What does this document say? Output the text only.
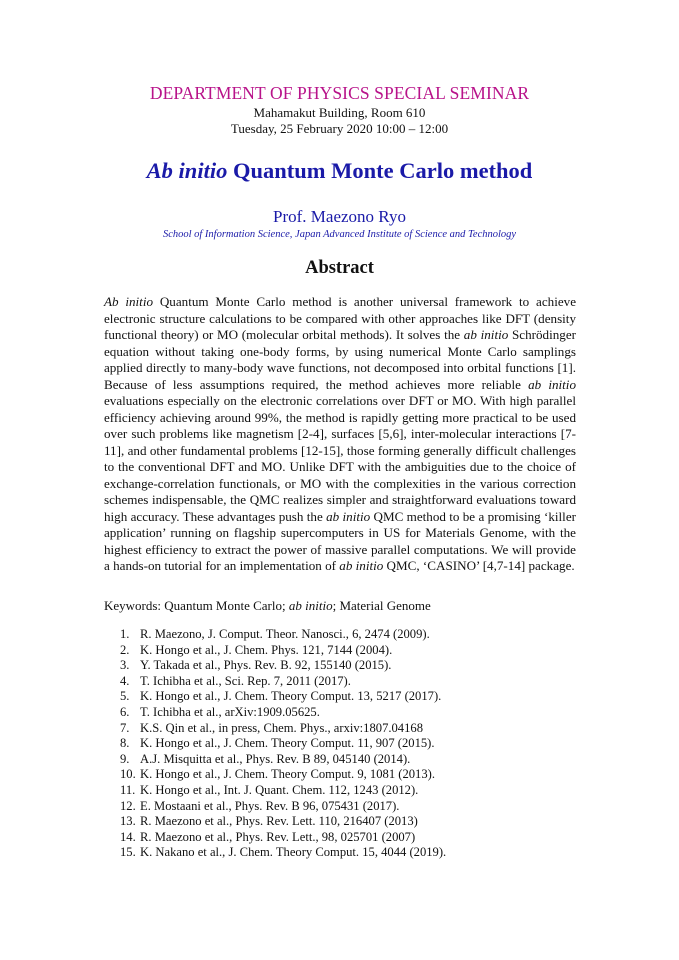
DEPARTMENT OF PHYSICS SPECIAL SEMINAR
Mahamakut Building, Room 610
Tuesday, 25 February 2020 10:00 – 12:00
Ab initio Quantum Monte Carlo method
Prof. Maezono Ryo
School of Information Science, Japan Advanced Institute of Science and Technology
Abstract

Ab initio Quantum Monte Carlo method is another universal framework to achieve electronic structure calculations to be compared with other approaches like DFT (density functional theory) or MO (molecular orbital methods). It solves the ab initio Schrödinger equation without taking one-body forms, by using numerical Monte Carlo samplings applied directly to many-body wave functions, not decomposed into orbital functions [1]. Because of less assumptions required, the method achieves more reliable ab initio evaluations especially on the electronic correlations over DFT or MO. With high parallel efficiency achieving around 99%, the method is rapidly getting more practical to be used over such problems like magnetism [2-4], surfaces [5,6], inter-molecular interactions [7-11], and other fundamental problems [12-15], those forming generally difficult challenges to the conventional DFT and MO. Unlike DFT with the ambiguities due to the choice of exchange-correlation functionals, or MO with the complexities in the various correction schemes indispensable, the QMC realizes simpler and straightforward evaluations toward high accuracy. These advantages push the ab initio QMC method to be a promising ‘killer application’ running on flagship supercomputers in US for Materials Genome, with the highest efficiency to extract the power of massive parallel computations. We will provide a hands-on tutorial for an implementation of ab initio QMC, ‘CASINO’ [4,7-14] package.

Keywords: Quantum Monte Carlo; ab initio; Material Genome
1. R. Maezono, J. Comput. Theor. Nanosci., 6, 2474 (2009).
2. K. Hongo et al., J. Chem. Phys. 121, 7144 (2004).
3. Y. Takada et al., Phys. Rev. B. 92, 155140 (2015).
4. T. Ichibha et al., Sci. Rep. 7, 2011 (2017).
5. K. Hongo et al., J. Chem. Theory Comput. 13, 5217 (2017).
6. T. Ichibha et al., arXiv:1909.05625.
7. K.S. Qin et al., in press, Chem. Phys., arxiv:1807.04168
8. K. Hongo et al., J. Chem. Theory Comput. 11, 907 (2015).
9. A.J. Misquitta et al., Phys. Rev. B 89, 045140 (2014).
10. K. Hongo et al., J. Chem. Theory Comput. 9, 1081 (2013).
11. K. Hongo et al., Int. J. Quant. Chem. 112, 1243 (2012).
12. E. Mostaani et al., Phys. Rev. B 96, 075431 (2017).
13. R. Maezono et al., Phys. Rev. Lett. 110, 216407 (2013)
14. R. Maezono et al., Phys. Rev. Lett., 98, 025701 (2007)
15. K. Nakano et al., J. Chem. Theory Comput. 15, 4044 (2019).
